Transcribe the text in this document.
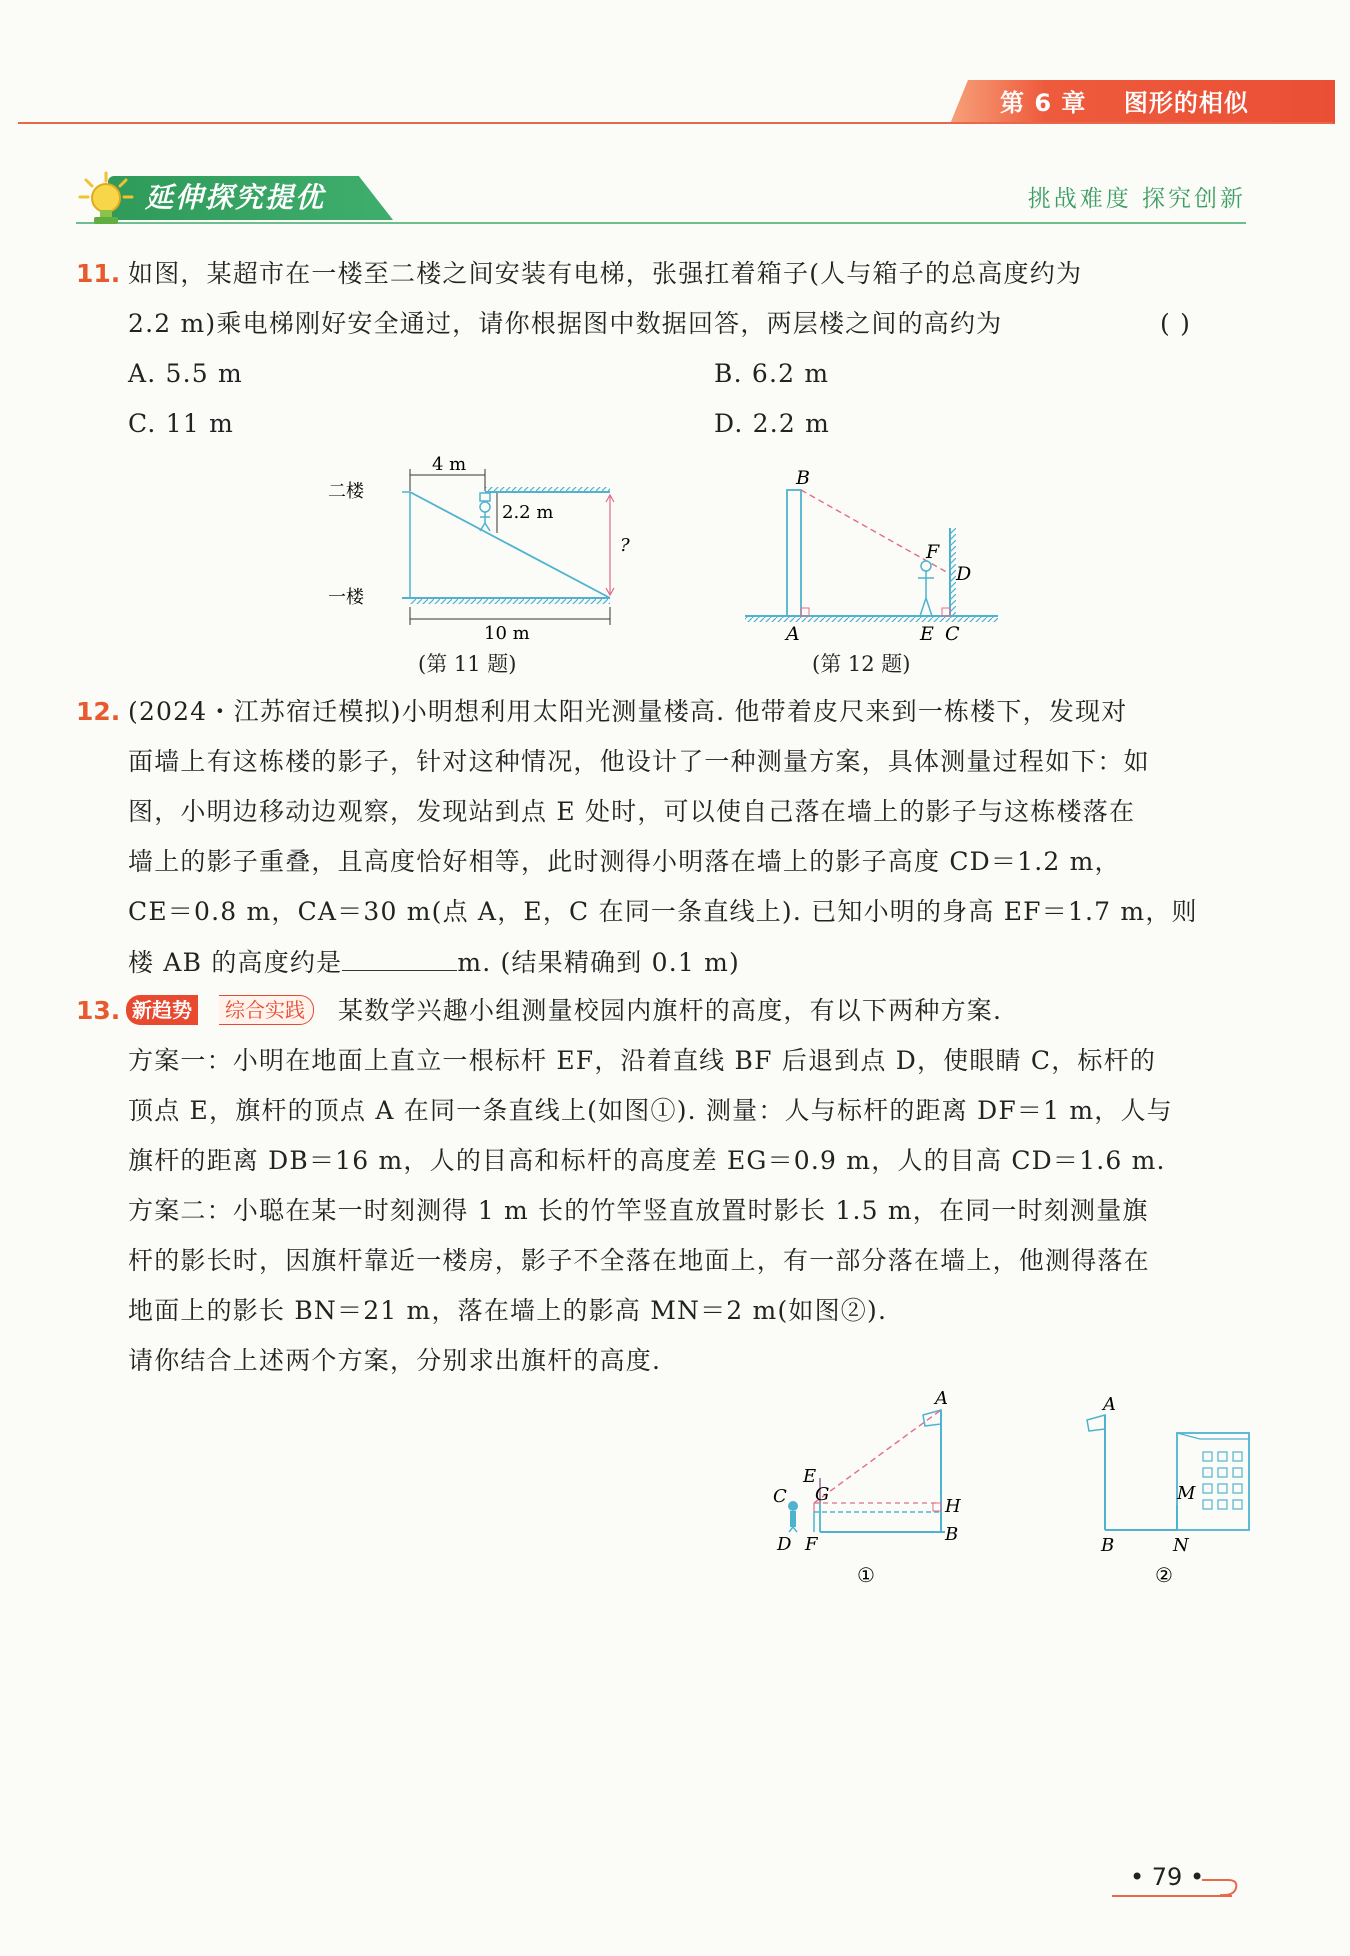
第 6 章    图形的相似
延伸探究提优	挑战难度 探究创新
11. 如图，某超市在一楼至二楼之间安装有电梯，张强扛着箱子(人与箱子的总高度约为
2.2 m)乘电梯刚好安全通过，请你根据图中数据回答，两层楼之间的高约为	( )
A. 5.5 m	B. 6.2 m
C. 11 m	D. 2.2 m
二楼
一楼
4 m
2.2 m
?
10 m
(第 11 题)
B
F
D
A	E C
(第 12 题)
12. (2024・江苏宿迁模拟)小明想利用太阳光测量楼高. 他带着皮尺来到一栋楼下，发现对
面墙上有这栋楼的影子，针对这种情况，他设计了一种测量方案，具体测量过程如下：如
图，小明边移动边观察，发现站到点 E 处时，可以使自己落在墙上的影子与这栋楼落在
墙上的影子重叠，且高度恰好相等，此时测得小明落在墙上的影子高度 CD＝1.2 m，
CE＝0.8 m，CA＝30 m(点 A，E，C 在同一条直线上). 已知小明的身高 EF＝1.7 m，则
楼 AB 的高度约是	m. (结果精确到 0.1 m)
13. 新趋势	综合实践	某数学兴趣小组测量校园内旗杆的高度，有以下两种方案.
方案一：小明在地面上直立一根标杆 EF，沿着直线 BF 后退到点 D，使眼睛 C，标杆的
顶点 E，旗杆的顶点 A 在同一条直线上(如图①). 测量：人与标杆的距离 DF＝1 m，人与
旗杆的距离 DB＝16 m，人的目高和标杆的高度差 EG＝0.9 m，人的目高 CD＝1.6 m.
方案二：小聪在某一时刻测得 1 m 长的竹竿竖直放置时影长 1.5 m，在同一时刻测量旗
杆的影长时，因旗杆靠近一楼房，影子不全落在地面上，有一部分落在墙上，他测得落在
地面上的影长 BN＝21 m，落在墙上的影高 MN＝2 m(如图②).
请你结合上述两个方案，分别求出旗杆的高度.
A
E
C G
H
D F	B
①
A
M
B	N
②
• 79 •
